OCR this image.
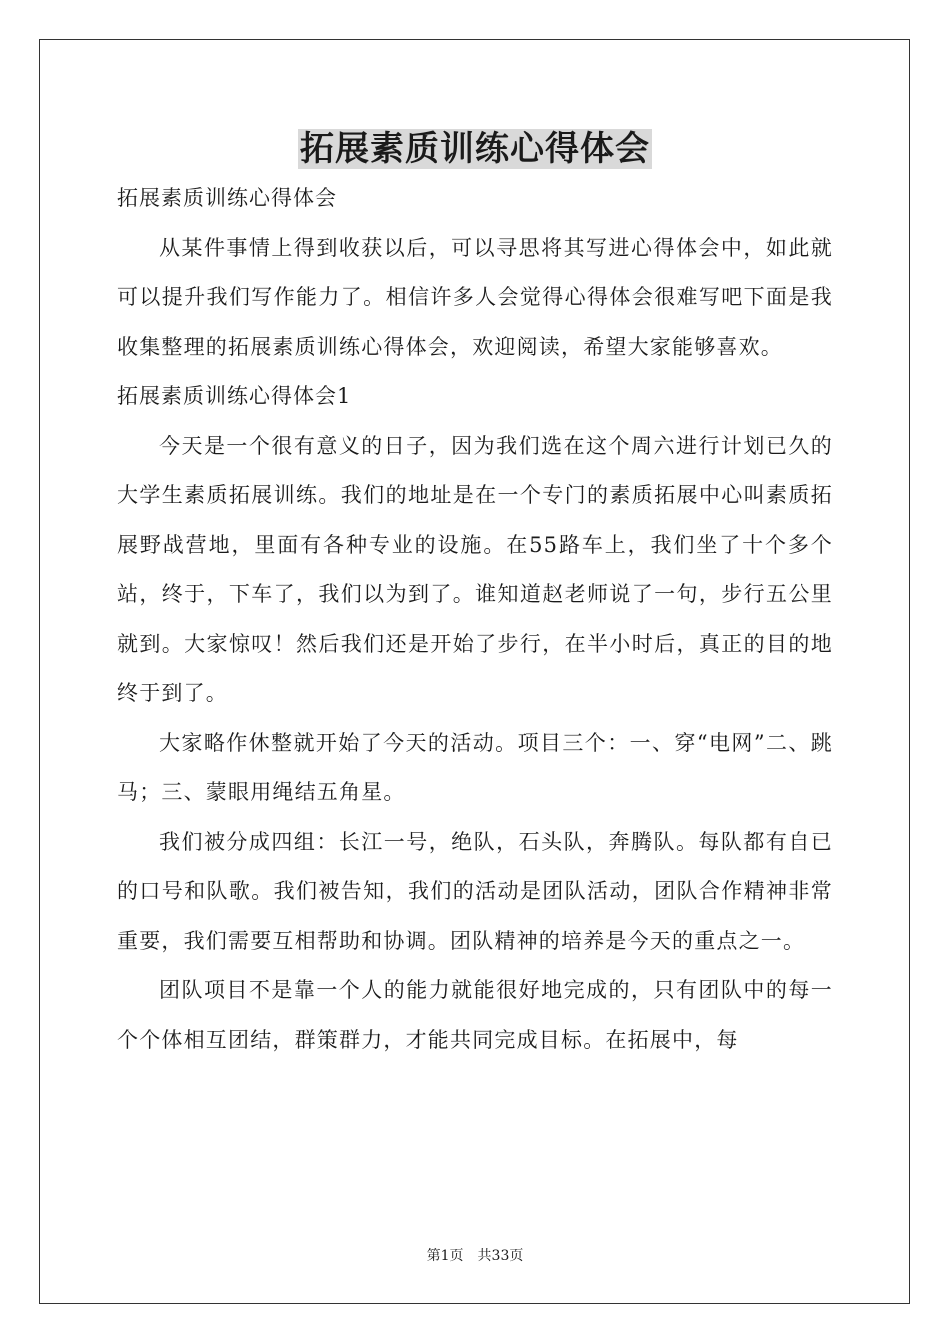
拓展素质训练心得体会

拓展素质训练心得体会

从某件事情上得到收获以后，可以寻思将其写进心得体会中，如此就可以提升我们写作能力了。相信许多人会觉得心得体会很难写吧下面是我收集整理的拓展素质训练心得体会，欢迎阅读，希望大家能够喜欢。

拓展素质训练心得体会1

今天是一个很有意义的日子，因为我们选在这个周六进行计划已久的大学生素质拓展训练。我们的地址是在一个专门的素质拓展中心叫素质拓展野战营地，里面有各种专业的设施。在55路车上，我们坐了十个多个站，终于，下车了，我们以为到了。谁知道赵老师说了一句，步行五公里就到。大家惊叹！然后我们还是开始了步行，在半小时后，真正的目的地终于到了。

大家略作休整就开始了今天的活动。项目三个：一、穿“电网”二、跳马；三、蒙眼用绳结五角星。

我们被分成四组：长江一号，绝队，石头队，奔腾队。每队都有自已的口号和队歌。我们被告知，我们的活动是团队活动，团队合作精神非常重要，我们需要互相帮助和协调。团队精神的培养是今天的重点之一。

团队项目不是靠一个人的能力就能很好地完成的，只有团队中的每一个个体相互团结，群策群力，才能共同完成目标。在拓展中，每

第1页 共33页
